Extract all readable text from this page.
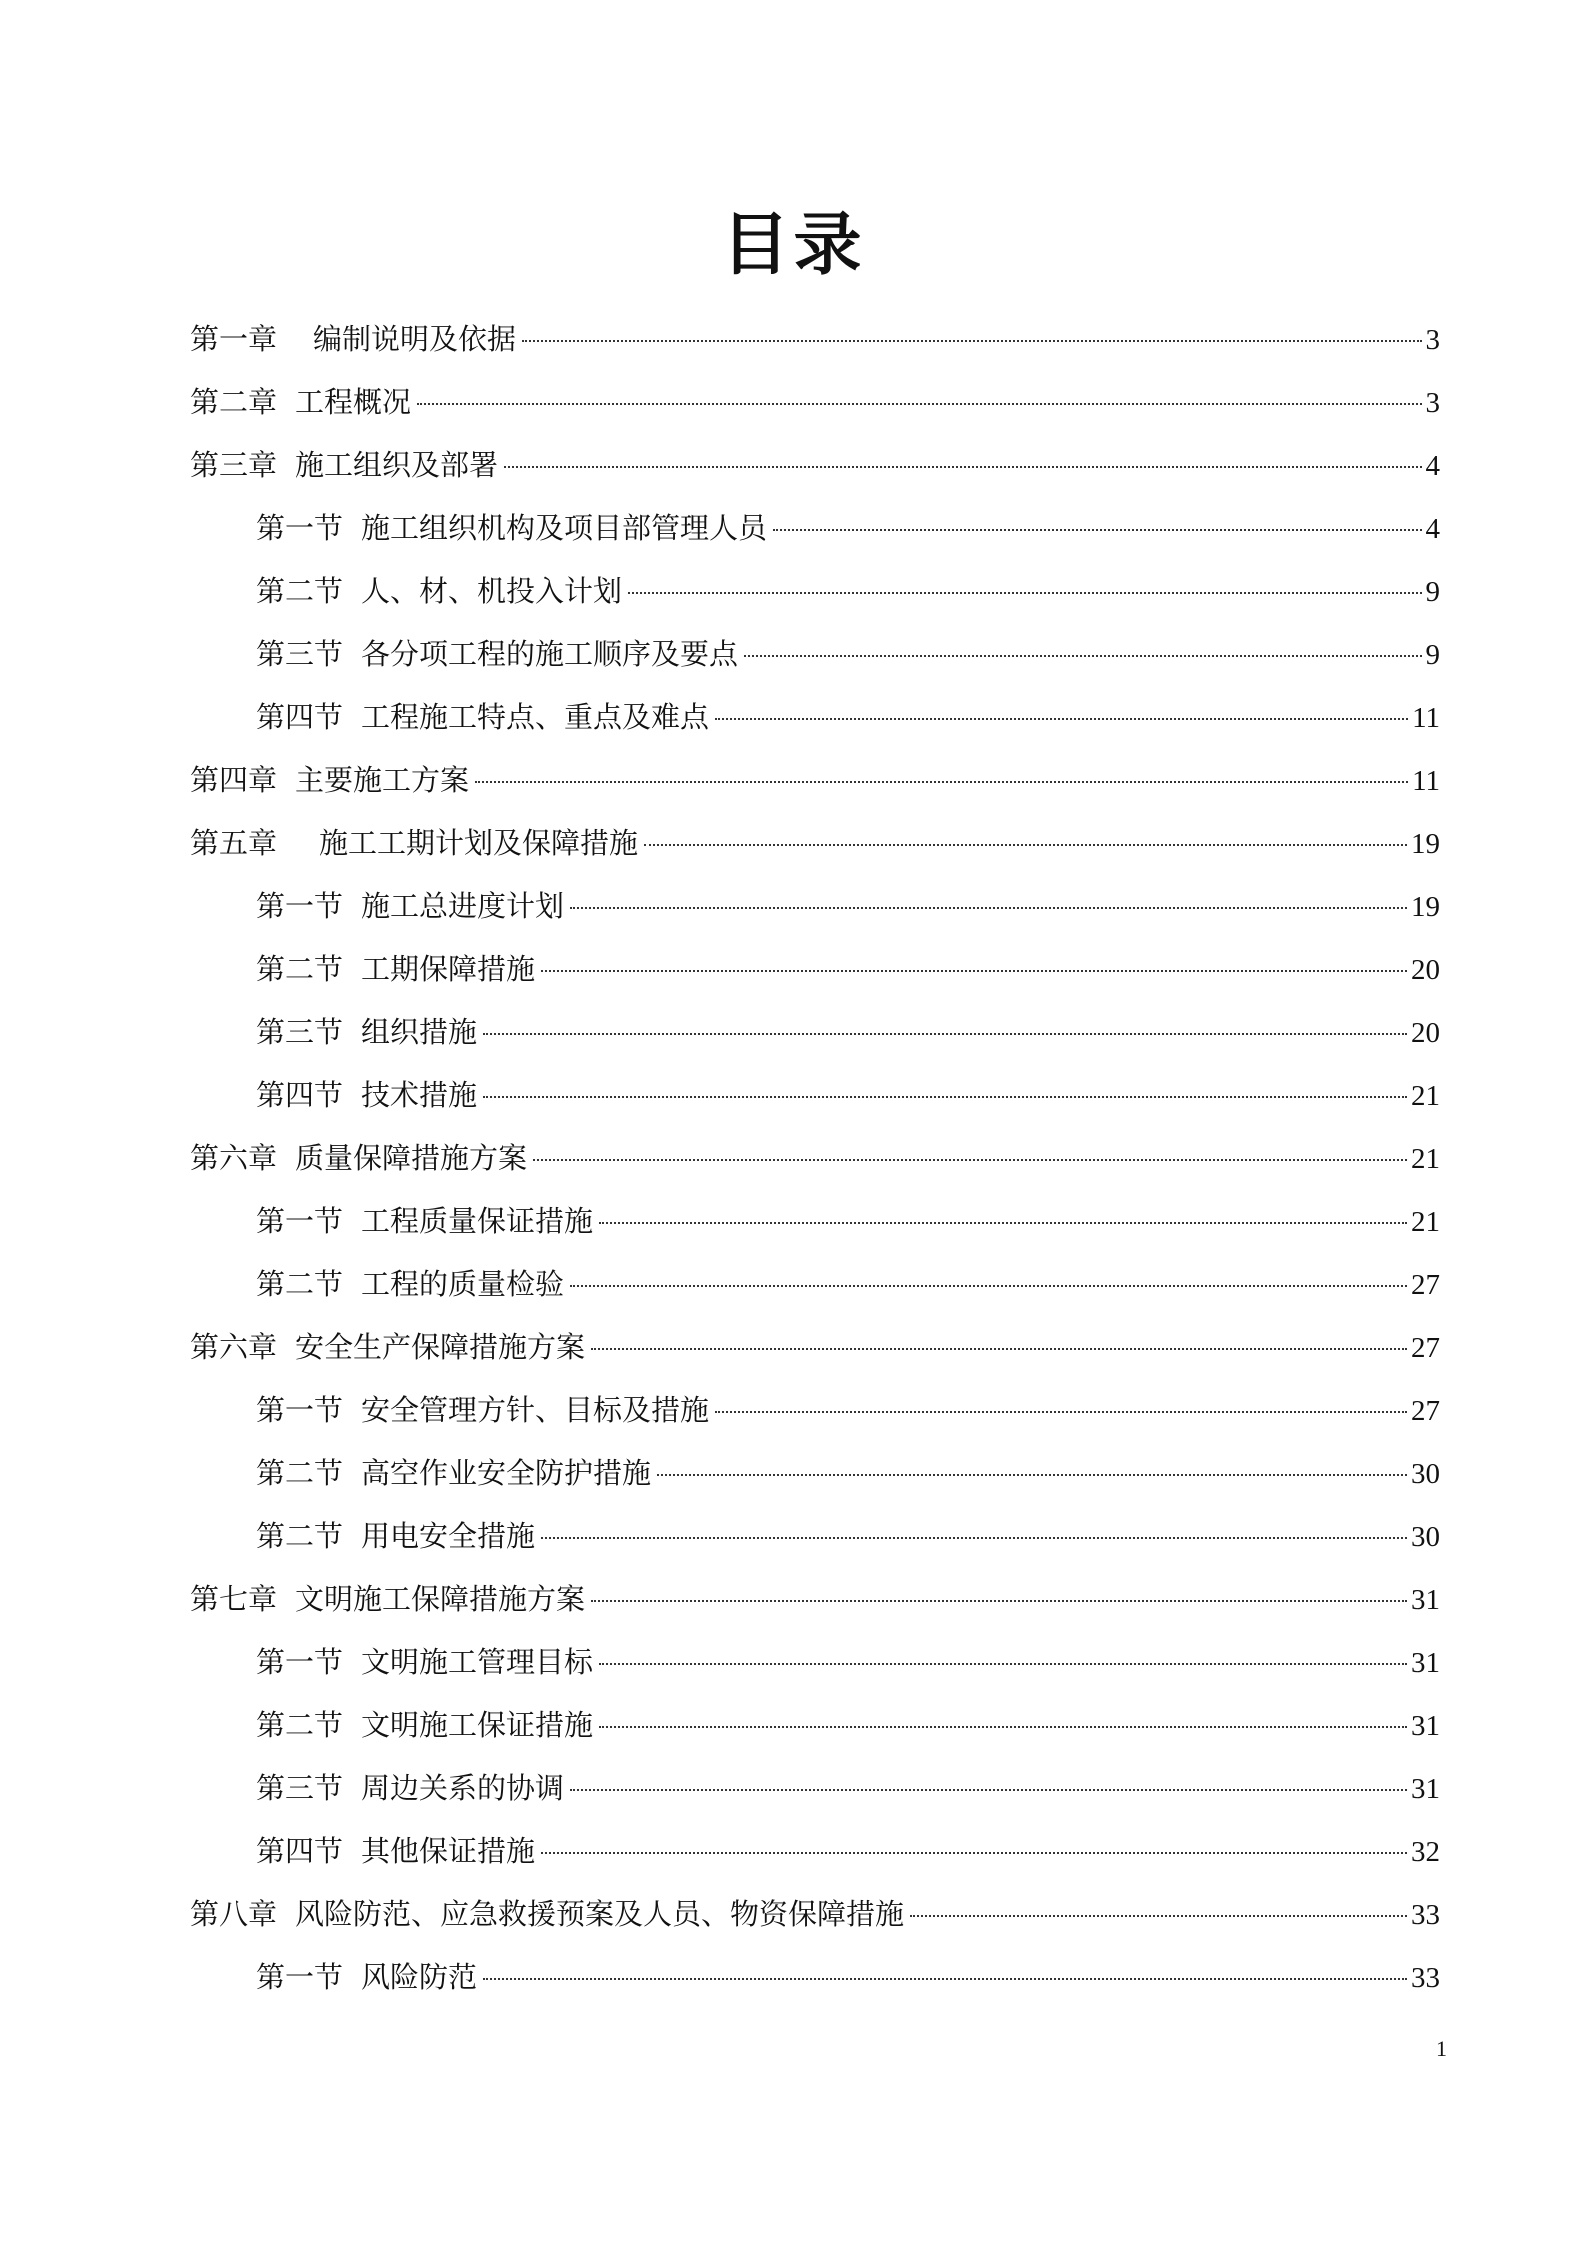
目录
第一章 编制说明及依据	3
第二章 工程概况	3
第三章 施工组织及部署	4
第一节 施工组织机构及项目部管理人员	4
第二节 人、材、机投入计划	9
第三节 各分项工程的施工顺序及要点	9
第四节 工程施工特点、重点及难点	11
第四章 主要施工方案	11
第五章 施工工期计划及保障措施	19
第一节 施工总进度计划	19
第二节 工期保障措施	20
第三节 组织措施	20
第四节 技术措施	21
第六章 质量保障措施方案	21
第一节 工程质量保证措施	21
第二节 工程的质量检验	27
第六章 安全生产保障措施方案	27
第一节 安全管理方针、目标及措施	27
第二节 高空作业安全防护措施	30
第二节 用电安全措施	30
第七章 文明施工保障措施方案	31
第一节 文明施工管理目标	31
第二节 文明施工保证措施	31
第三节 周边关系的协调	31
第四节 其他保证措施	32
第八章 风险防范、应急救援预案及人员、物资保障措施	33
第一节 风险防范	33
1
